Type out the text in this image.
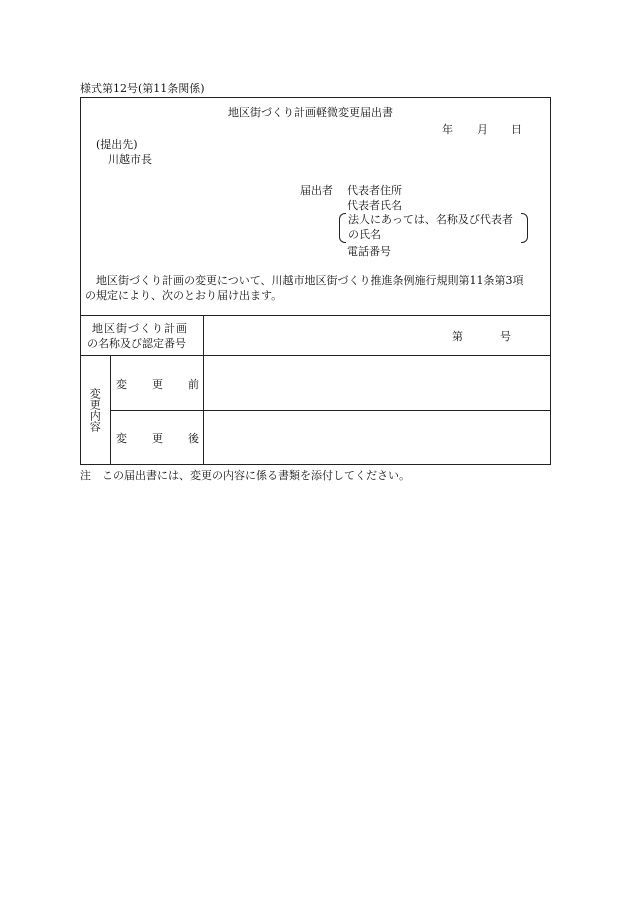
様式第12号(第11条関係)
地区街づくり計画軽微変更届出書
年 月 日
(提出先)
川越市長
届出者 代表者住所
代表者氏名
法人にあっては、名称及び代表者
の氏名
電話番号
地区街づくり計画の変更について、川越市地区街づくり推進条例施行規則第11条第3項
の規定により、次のとおり届け出ます。
地区街づくり計画
の名称及び認定番号
第	号
変更内容
変 更 前
変 更 後
注　この届出書には、変更の内容に係る書類を添付してください。
